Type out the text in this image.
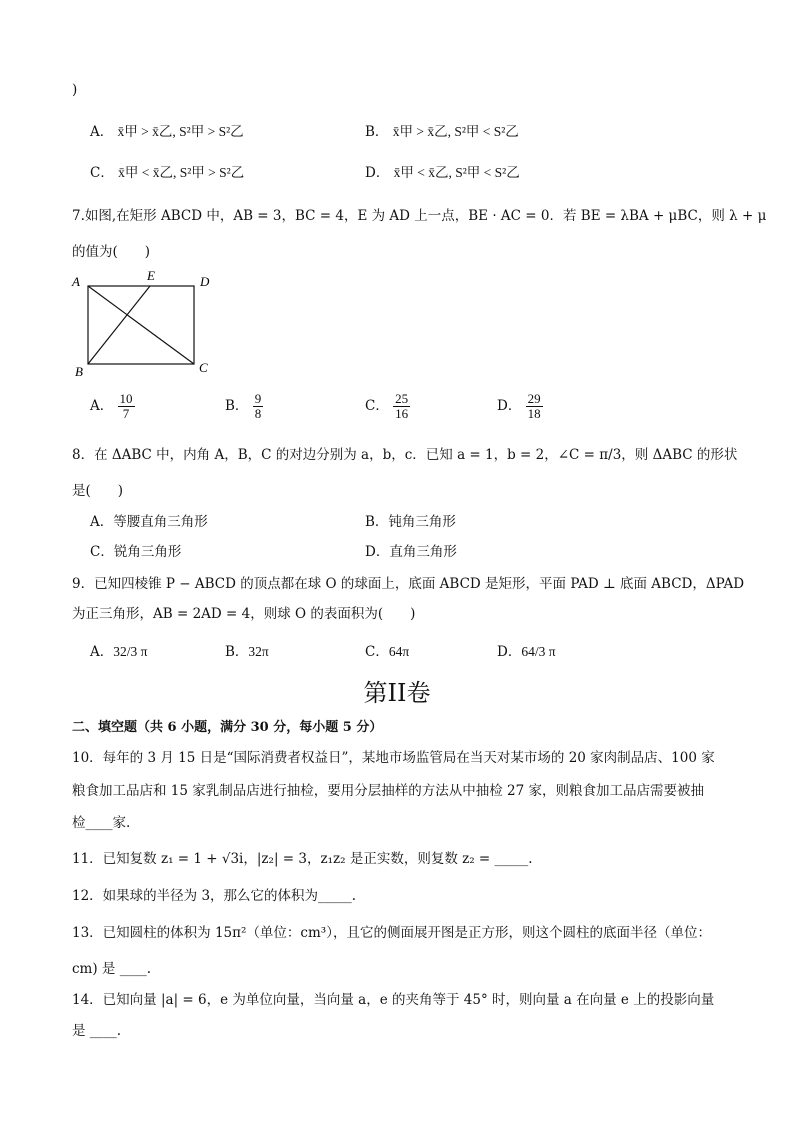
)
A． x̄甲 > x̄乙, S²甲 > S²乙	B． x̄甲 > x̄乙, S²甲 < S²乙
C． x̄甲 < x̄乙, S²甲 > S²乙	D． x̄甲 < x̄乙, S²甲 < S²乙
7.如图,在矩形 ABCD 中，AB = 3，BC = 4，E 为 AD 上一点，BE · AC = 0．若 BE = λBA + μBC，则 λ + μ
的值为(　　)
A	E	D
B	C
A． $\frac{10}{7}$	B． $\frac{9}{8}$	C． $\frac{25}{16}$	D． $\frac{29}{18}$
8．在 ΔABC 中，内角 A，B，C 的对边分别为 a，b，c．已知 a = 1，b = 2，∠C = π/3，则 ΔABC 的形状
是(　　)
A．等腰直角三角形	B．钝角三角形
C．锐角三角形	D．直角三角形
9．已知四棱锥 P − ABCD 的顶点都在球 O 的球面上，底面 ABCD 是矩形，平面 PAD ⊥ 底面 ABCD，ΔPAD
为正三角形，AB = 2AD = 4，则球 O 的表面积为(　　)
A．32/3 π	B．32π	C．64π	D．64/3 π
第II卷
二、填空题（共 6 小题，满分 30 分，每小题 5 分）
10．每年的 3 月 15 日是“国际消费者权益日”，某地市场监管局在当天对某市场的 20 家肉制品店、100 家
粮食加工品店和 15 家乳制品店进行抽检，要用分层抽样的方法从中抽检 27 家，则粮食加工品店需要被抽
检____家.
11．已知复数 z₁ = 1 + √3i，|z₂| = 3，z₁z₂ 是正实数，则复数 z₂ = _____.
12．如果球的半径为 3，那么它的体积为_____.
13．已知圆柱的体积为 15π²（单位：cm³），且它的侧面展开图是正方形，则这个圆柱的底面半径（单位：
cm) 是 ____.
14．已知向量 |a| = 6，e 为单位向量，当向量 a，e 的夹角等于 45° 时，则向量 a 在向量 e 上的投影向量
是 ____.
